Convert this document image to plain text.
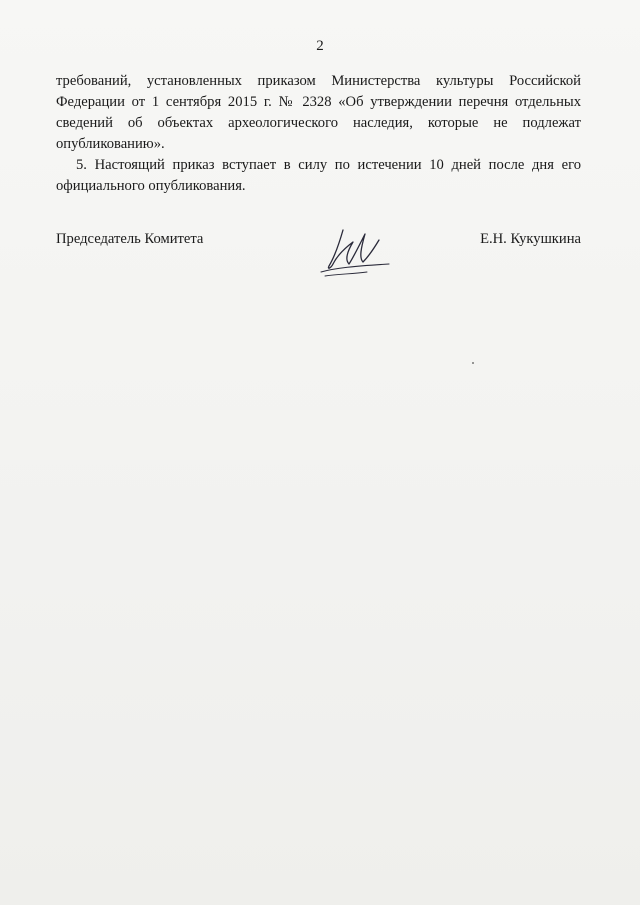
2

требований, установленных приказом Министерства культуры Российской Федерации от 1 сентября 2015 г. № 2328 «Об утверждении перечня отдельных сведений об объектах археологического наследия, которые не подлежат опубликованию».

5. Настоящий приказ вступает в силу по истечении 10 дней после дня его официального опубликования.

Председатель Комитета	Е.Н. Кукушкина
